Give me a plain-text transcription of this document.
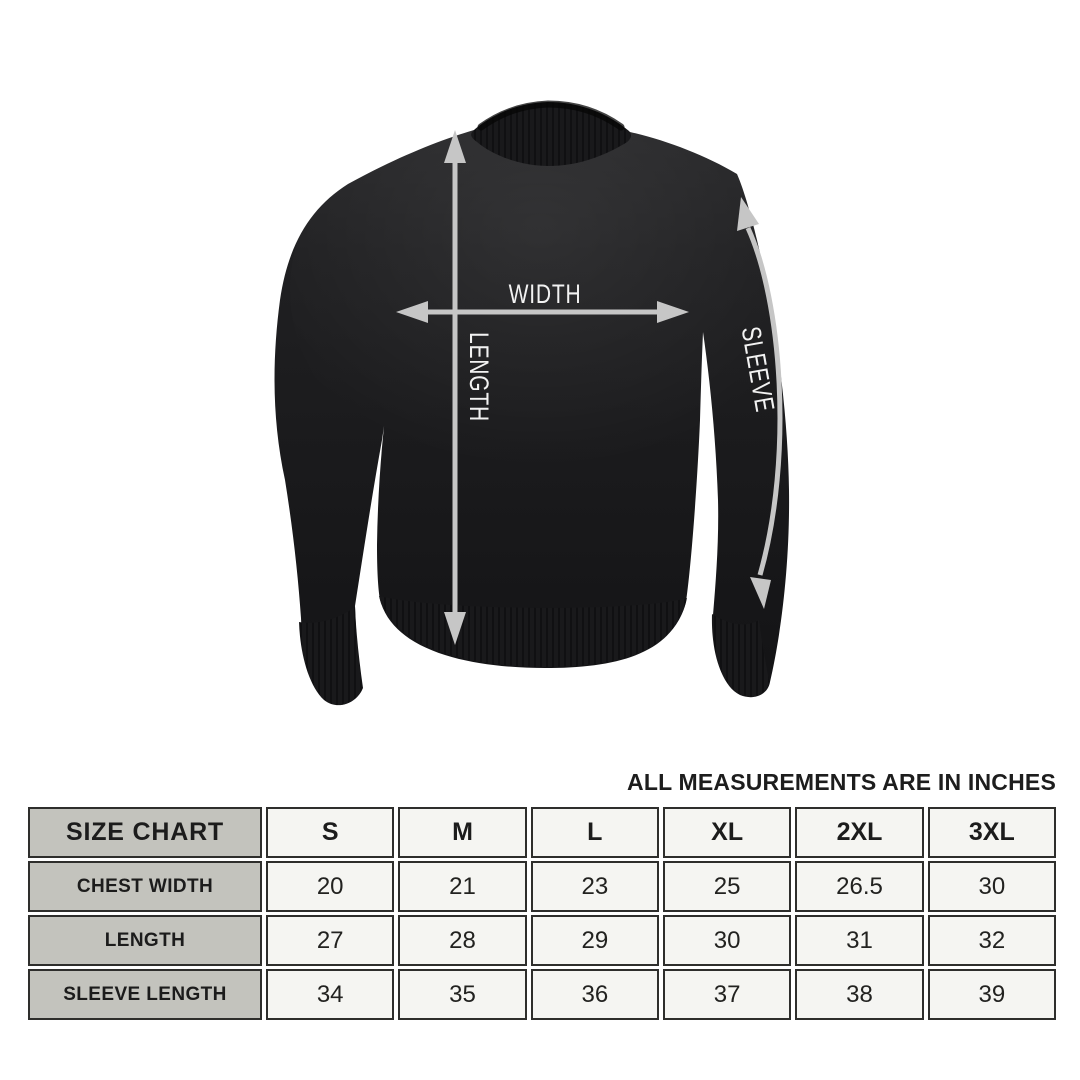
WIDTH
LENGTH	SLEEVE
ALL MEASUREMENTS ARE IN INCHES
SIZE CHART	S	M	L	XL	2XL	3XL
CHEST WIDTH	20	21	23	25	26.5	30
LENGTH	27	28	29	30	31	32
SLEEVE LENGTH	34	35	36	37	38	39
